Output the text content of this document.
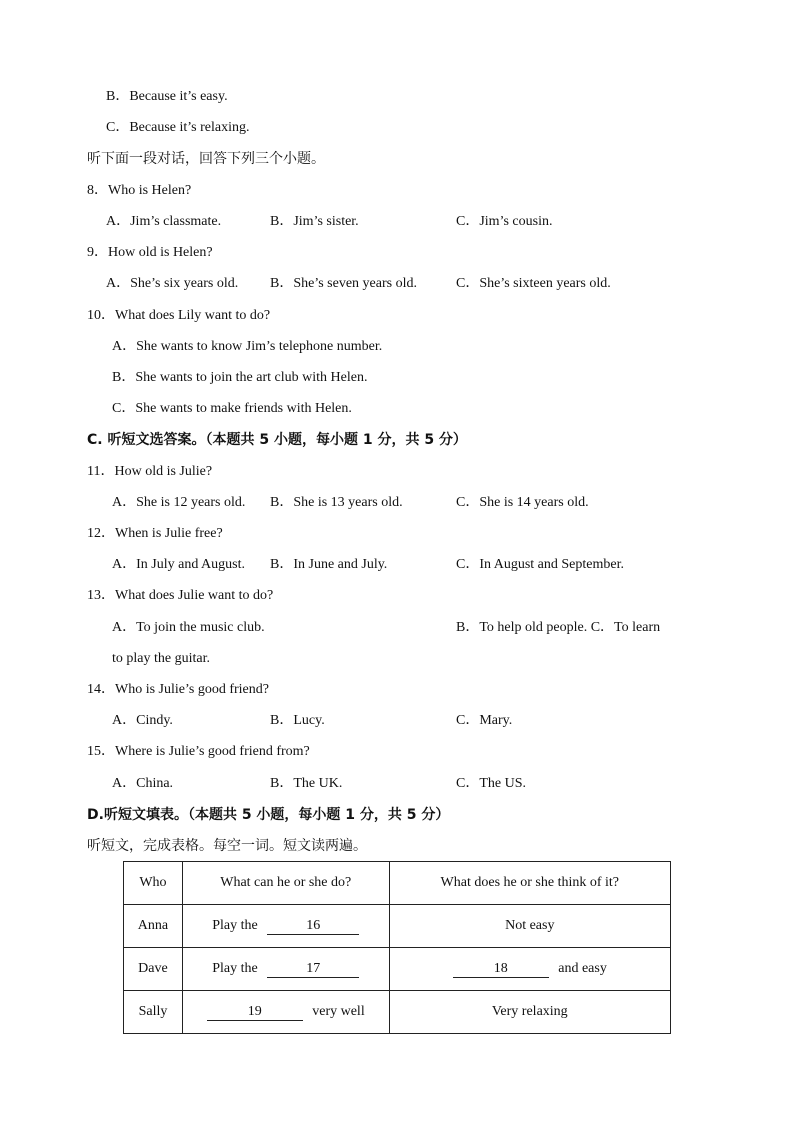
B．Because it’s easy.
C．Because it’s relaxing.
听下面一段对话，回答下列三个小题。
8．Who is Helen?
A．Jim’s classmate.	B．Jim’s sister.	C．Jim’s cousin.
9．How old is Helen?
A．She’s six years old. B．She’s seven years old.	C．She’s sixteen years old.
10．What does Lily want to do?
A．She wants to know Jim’s telephone number.
B．She wants to join the art club with Helen.
C．She wants to make friends with Helen.
C. 听短文选答案。（本题共 5 小题，每小题 1 分，共 5 分）
11．How old is Julie?
A．She is 12 years old. B．She is 13 years old.	C．She is 14 years old.
12．When is Julie free?
A．In July and August. B．In June and July.	C．In August and September.
13．What does Julie want to do?
A．To join the music club.	B．To help old people. C．To learn
to play the guitar.
14．Who is Julie’s good friend?
A．Cindy.	B．Lucy.	C．Mary.
15．Where is Julie’s good friend from?
A．China.	B．The UK.	C．The US.
D.听短文填表。（本题共 5 小题，每小题 1 分，共 5 分）
听短文，完成表格。每空一词。短文读两遍。
Who	What can he or she do?	What does he or she think of it?
Anna	Play the 16	Not easy
Dave	Play the 17	18 and easy
Sally	19 very well	Very relaxing
